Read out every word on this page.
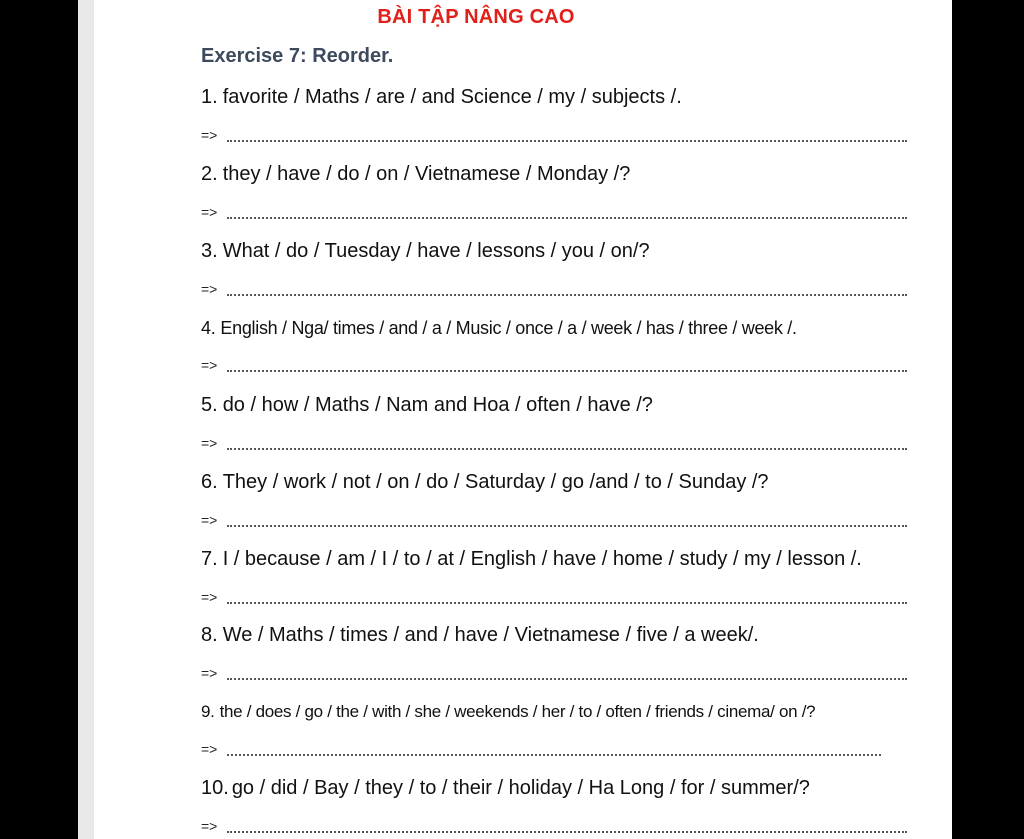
BÀI TẬP NÂNG CAO
Exercise 7: Reorder.
1. favorite / Maths / are / and Science / my / subjects /.
=>
2. they / have / do / on / Vietnamese / Monday /?
=>
3. What / do / Tuesday / have / lessons / you / on/?
=>
4. English / Nga/ times / and / a / Music / once / a / week / has / three / week /.
=>
5. do / how / Maths / Nam and Hoa / often / have /?
=>
6. They / work / not / on / do / Saturday / go /and / to / Sunday /?
=>
7. I / because / am / I / to / at / English / have / home / study / my / lesson /.
=>
8. We / Maths / times / and / have / Vietnamese / five / a week/.
=>
9. the / does / go / the / with / she / weekends / her / to / often / friends / cinema/ on /?
=>
10. go / did / Bay / they / to / their / holiday / Ha Long / for / summer/?
=>
